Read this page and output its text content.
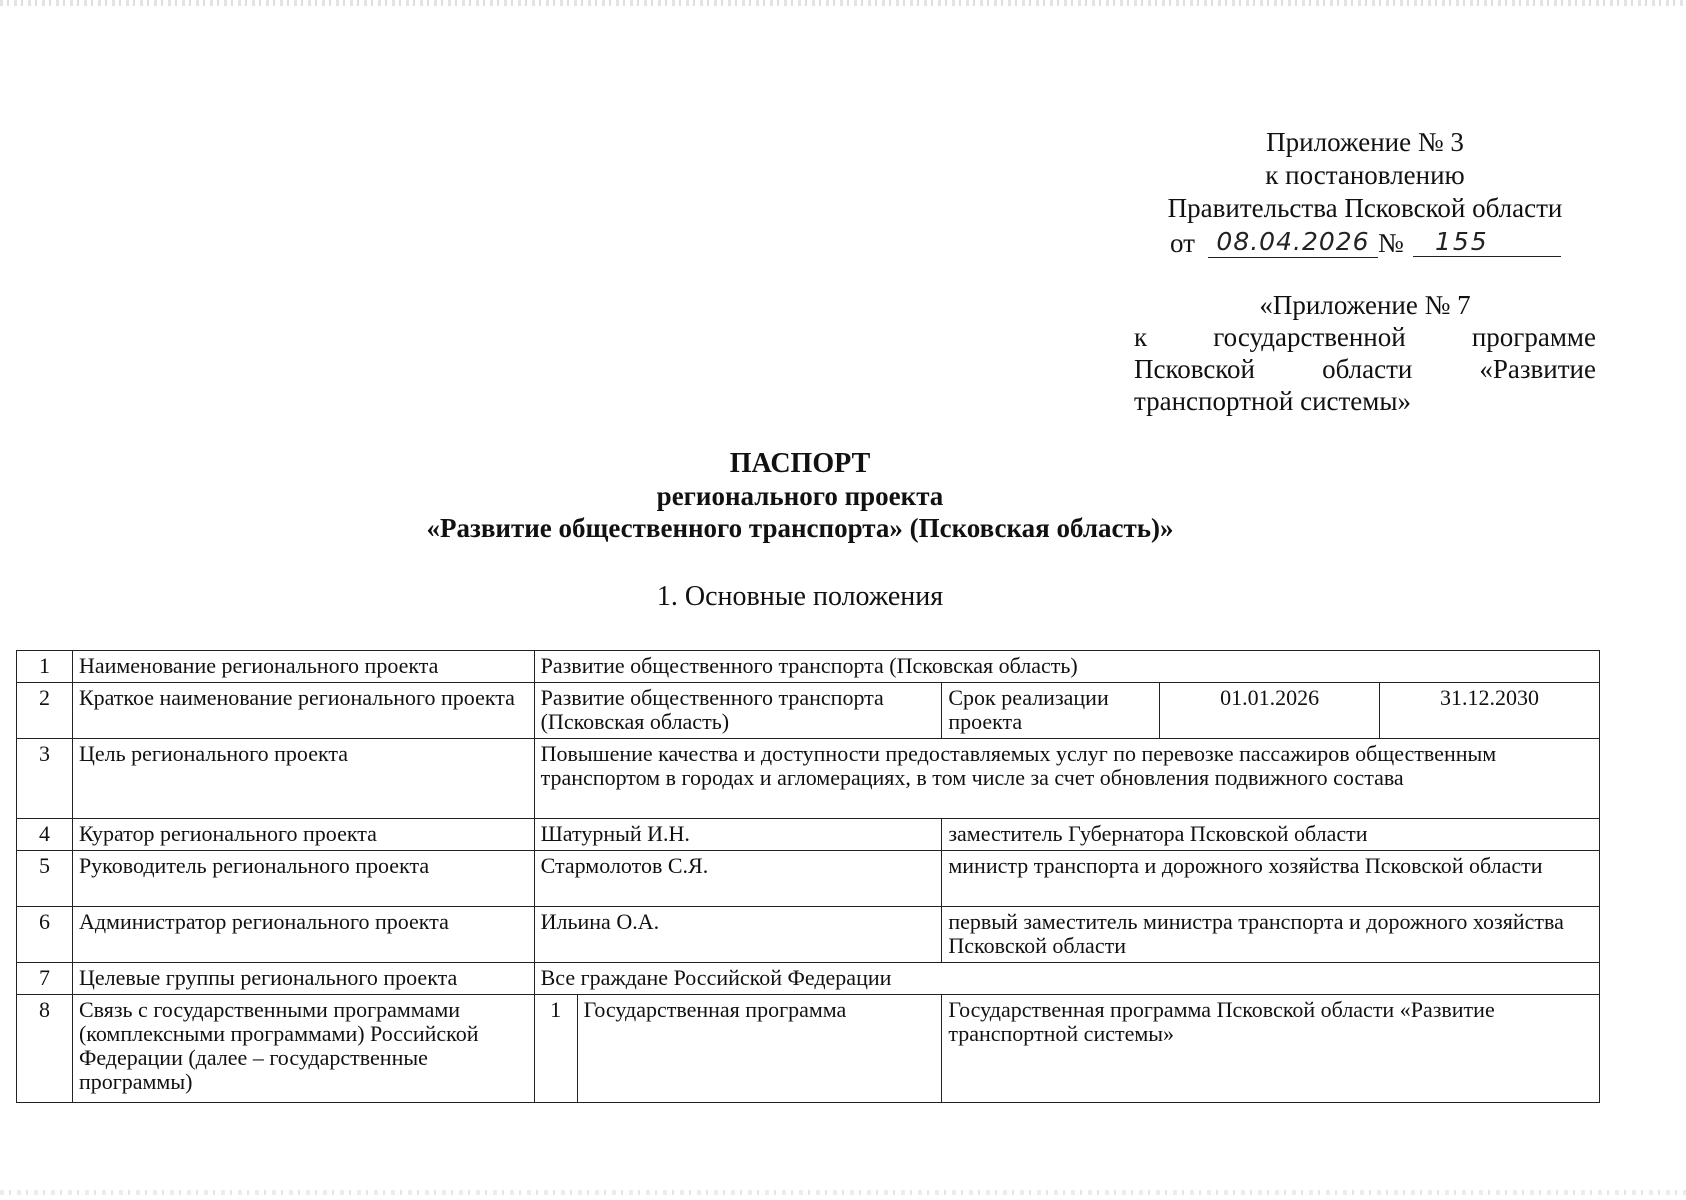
Приложение № 3
к постановлению
Правительства Псковской области
от 08.04.2026 №	155
«Приложение № 7
к государственной программе Псковской области «Развитие транспортной системы»
ПАСПОРТ
регионального проекта
«Развитие общественного транспорта» (Псковская область)»
1. Основные положения
1	Наименование регионального проекта	Развитие общественного транспорта (Псковская область)				
2	Краткое наименование регионального проекта	Развитие общественного транспорта (Псковская область)		Срок реализации проекта	01.01.2026	31.12.2030
3	Цель регионального проекта	Повышение качества и доступности предоставляемых услуг по перевозке пассажиров общественным транспортом в городах и агломерациях, в том числе за счет обновления подвижного состава				
4	Куратор регионального проекта	Шатурный И.Н.		заместитель Губернатора Псковской области		
5	Руководитель регионального проекта	Стармолотов С.Я.		министр транспорта и дорожного хозяйства Псковской области		
6	Администратор регионального проекта	Ильина О.А.		первый заместитель министра транспорта и дорожного хозяйства Псковской области		
7	Целевые группы регионального проекта	Все граждане Российской Федерации				
8	Связь с государственными программами (комплексными программами) Российской Федерации (далее – государственные программы)	1	Государственная программа	Государственная программа Псковской области «Развитие транспортной системы»		
